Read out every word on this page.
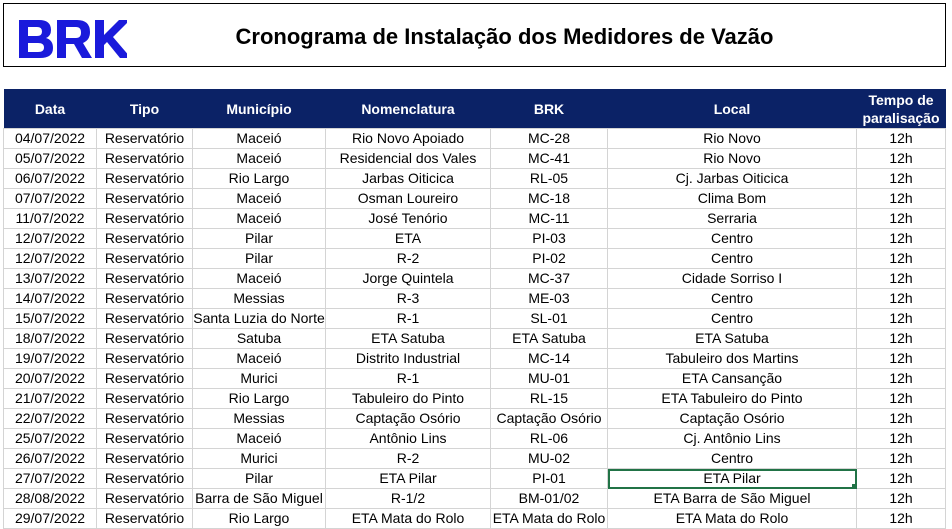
Cronograma de Instalação dos Medidores de Vazão
Data	Tipo	Município	Nomenclatura	BRK	Local	Tempo de paralisação
04/07/2022	Reservatório	Maceió	Rio Novo Apoiado	MC-28	Rio Novo	12h
05/07/2022	Reservatório	Maceió	Residencial dos Vales	MC-41	Rio Novo	12h
06/07/2022	Reservatório	Rio Largo	Jarbas Oiticica	RL-05	Cj. Jarbas Oiticica	12h
07/07/2022	Reservatório	Maceió	Osman Loureiro	MC-18	Clima Bom	12h
11/07/2022	Reservatório	Maceió	José Tenório	MC-11	Serraria	12h
12/07/2022	Reservatório	Pilar	ETA	PI-03	Centro	12h
12/07/2022	Reservatório	Pilar	R-2	PI-02	Centro	12h
13/07/2022	Reservatório	Maceió	Jorge Quintela	MC-37	Cidade Sorriso I	12h
14/07/2022	Reservatório	Messias	R-3	ME-03	Centro	12h
15/07/2022	Reservatório	Santa Luzia do Norte	R-1	SL-01	Centro	12h
18/07/2022	Reservatório	Satuba	ETA Satuba	ETA Satuba	ETA Satuba	12h
19/07/2022	Reservatório	Maceió	Distrito Industrial	MC-14	Tabuleiro dos Martins	12h
20/07/2022	Reservatório	Murici	R-1	MU-01	ETA Cansanção	12h
21/07/2022	Reservatório	Rio Largo	Tabuleiro do Pinto	RL-15	ETA Tabuleiro do Pinto	12h
22/07/2022	Reservatório	Messias	Captação Osório	Captação Osório	Captação Osório	12h
25/07/2022	Reservatório	Maceió	Antônio Lins	RL-06	Cj. Antônio Lins	12h
26/07/2022	Reservatório	Murici	R-2	MU-02	Centro	12h
27/07/2022	Reservatório	Pilar	ETA Pilar	PI-01	ETA Pilar	12h
28/08/2022	Reservatório	Barra de São Miguel	R-1/2	BM-01/02	ETA Barra de São Miguel	12h
29/07/2022	Reservatório	Rio Largo	ETA Mata do Rolo	ETA Mata do Rolo	ETA Mata do Rolo	12h
